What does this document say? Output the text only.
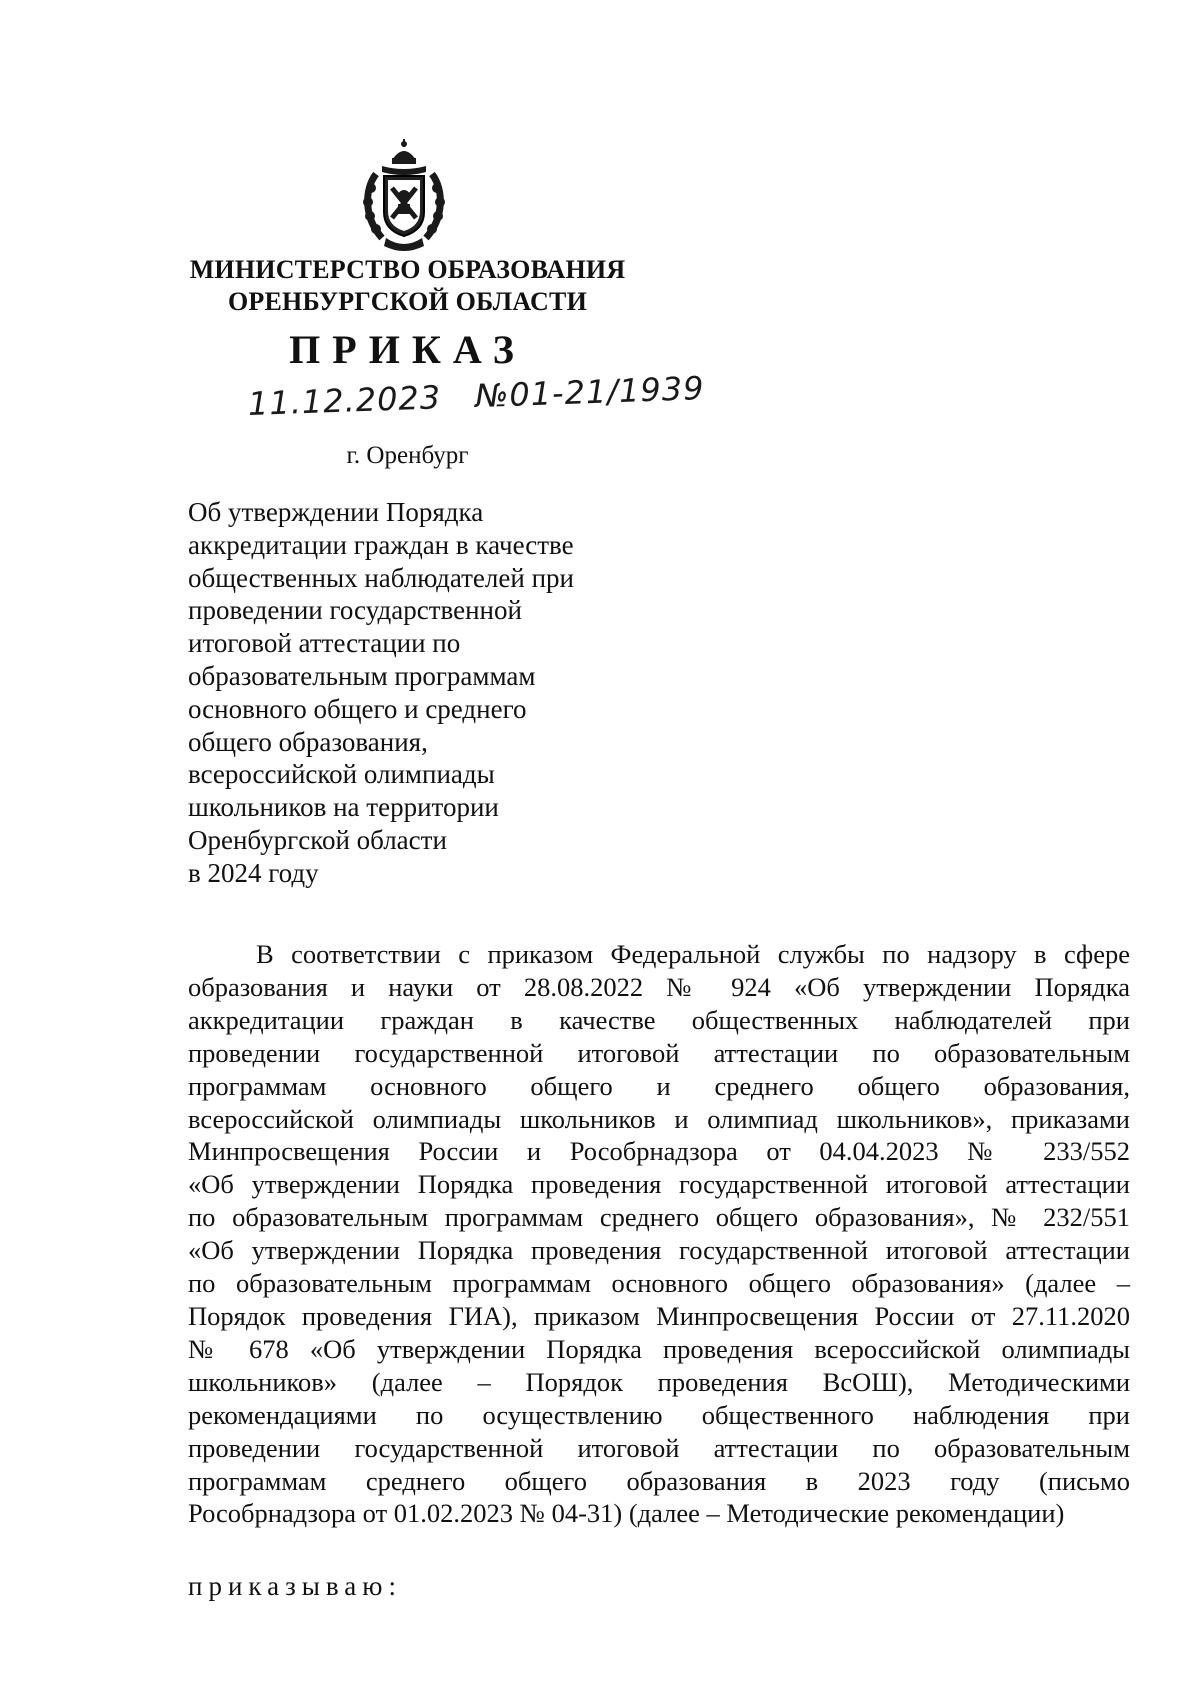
МИНИСТЕРСТВО ОБРАЗОВАНИЯ
ОРЕНБУРГСКОЙ ОБЛАСТИ
ПРИКАЗ
11.12.2023 №01-21/1939
г. Оренбург
Об утверждении Порядка
аккредитации граждан в качестве
общественных наблюдателей при
проведении государственной
итоговой аттестации по
образовательным программам
основного общего и среднего
общего образования,
всероссийской олимпиады
школьников на территории
Оренбургской области
в 2024 году
В соответствии с приказом Федеральной службы по надзору в сфере
образования и науки от 28.08.2022 № 924 «Об утверждении Порядка
аккредитации граждан в качестве общественных наблюдателей при
проведении государственной итоговой аттестации по образовательным
программам основного общего и среднего общего образования,
всероссийской олимпиады школьников и олимпиад школьников», приказами
Минпросвещения России и Рособрнадзора от 04.04.2023 № 233/552
«Об утверждении Порядка проведения государственной итоговой аттестации
по образовательным программам среднего общего образования», № 232/551
«Об утверждении Порядка проведения государственной итоговой аттестации
по образовательным программам основного общего образования» (далее –
Порядок проведения ГИА), приказом Минпросвещения России от 27.11.2020
№ 678 «Об утверждении Порядка проведения всероссийской олимпиады
школьников» (далее – Порядок проведения ВсОШ), Методическими
рекомендациями по осуществлению общественного наблюдения при
проведении государственной итоговой аттестации по образовательным
программам среднего общего образования в 2023 году (письмо
Рособрнадзора от 01.02.2023 № 04-31) (далее – Методические рекомендации)
приказываю:
